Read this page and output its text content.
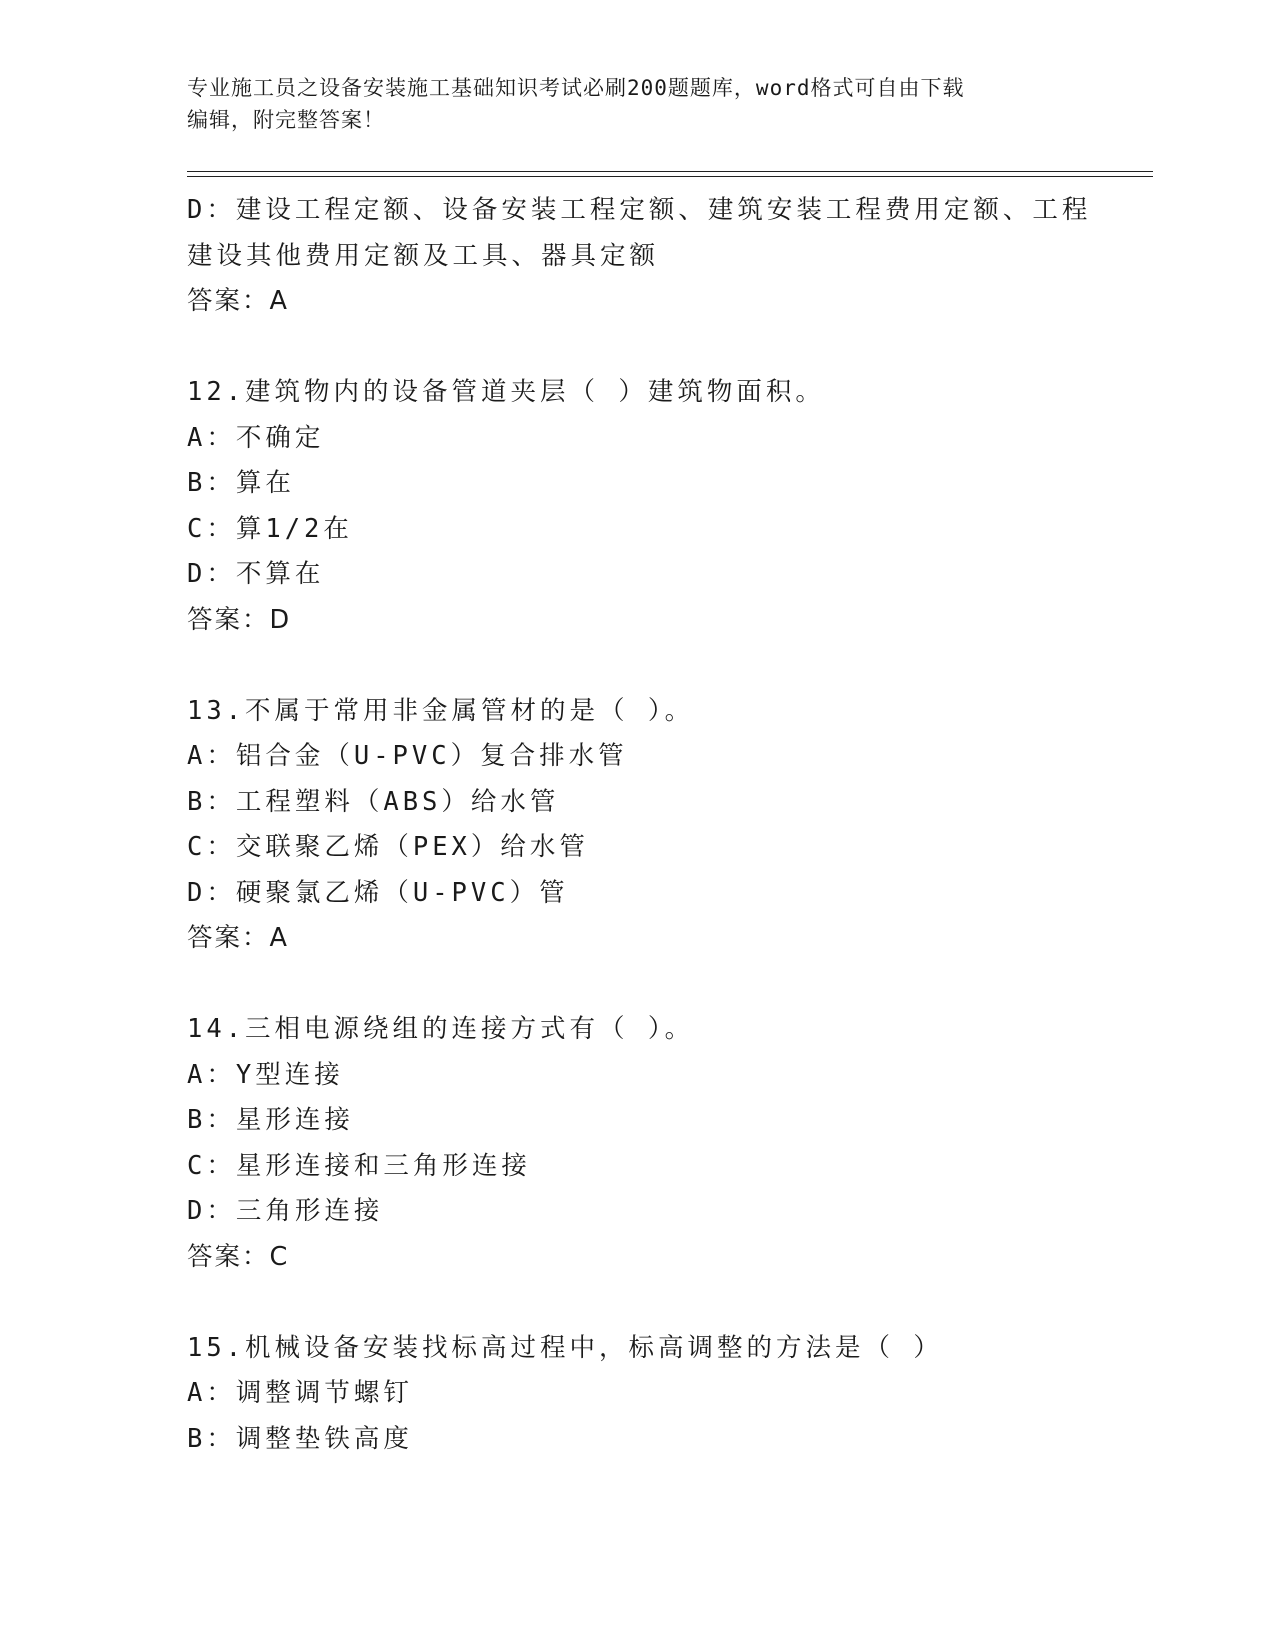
专业施工员之设备安装施工基础知识考试必刷200题题库，word格式可自由下载
编辑，附完整答案！
D：建设工程定额、设备安装工程定额、建筑安装工程费用定额、工程
建设其他费用定额及工具、器具定额
答案：A
12.建筑物内的设备管道夹层（ ）建筑物面积。
A：不确定
B：算在
C：算1/2在
D：不算在
答案：D
13.不属于常用非金属管材的是（ ）。
A：铝合金（U-PVC）复合排水管
B：工程塑料（ABS）给水管
C：交联聚乙烯（PEX）给水管
D：硬聚氯乙烯（U-PVC）管
答案：A
14.三相电源绕组的连接方式有（ ）。
A：Y型连接
B：星形连接
C：星形连接和三角形连接
D：三角形连接
答案：C
15.机械设备安装找标高过程中，标高调整的方法是（ ）
A：调整调节螺钉
B：调整垫铁高度
